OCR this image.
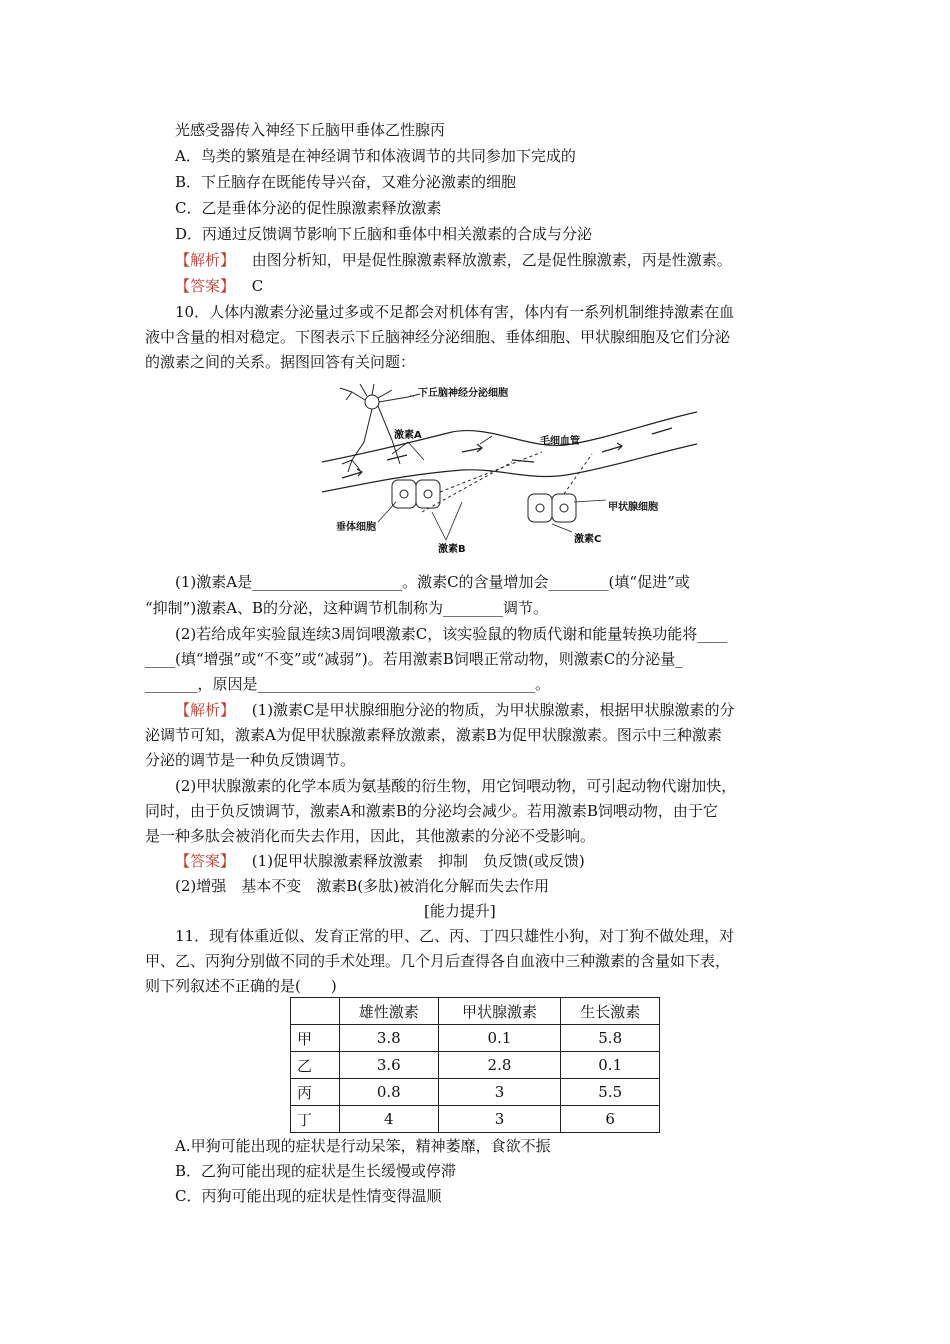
光感受器传入神经下丘脑甲垂体乙性腺丙
A．鸟类的繁殖是在神经调节和体液调节的共同参加下完成的
B．下丘脑存在既能传导兴奋，又难分泌激素的细胞
C．乙是垂体分泌的促性腺激素释放激素
D．丙通过反馈调节影响下丘脑和垂体中相关激素的合成与分泌
【解析】 由图分析知，甲是促性腺激素释放激素，乙是促性腺激素，丙是性激素。
【答案】 C
10．人体内激素分泌量过多或不足都会对机体有害，体内有一系列机制维持激素在血
液中含量的相对稳定。下图表示下丘脑神经分泌细胞、垂体细胞、甲状腺细胞及它们分泌
的激素之间的关系。据图回答有关问题：
下丘脑神经分泌细胞
激素A
毛细血管
甲状腺细胞
垂体细胞
激素B
激素C
(1)激素A是____________________。激素C的含量增加会________(填“促进”或
“抑制”)激素A、B的分泌，这种调节机制称为________调节。
(2)若给成年实验鼠连续3周饲喂激素C，该实验鼠的物质代谢和能量转换功能将____
____(填“增强”或“不变”或“减弱”)。若用激素B饲喂正常动物，则激素C的分泌量_
_______，原因是_____________________________________。
【解析】 (1)激素C是甲状腺细胞分泌的物质，为甲状腺激素，根据甲状腺激素的分
泌调节可知，激素A为促甲状腺激素释放激素，激素B为促甲状腺激素。图示中三种激素
分泌的调节是一种负反馈调节。
(2)甲状腺激素的化学本质为氨基酸的衍生物，用它饲喂动物，可引起动物代谢加快，
同时，由于负反馈调节，激素A和激素B的分泌均会减少。若用激素B饲喂动物，由于它
是一种多肽会被消化而失去作用，因此，其他激素的分泌不受影响。
【答案】 (1)促甲状腺激素释放激素　抑制　负反馈(或反馈)
(2)增强　基本不变　激素B(多肽)被消化分解而失去作用
[能力提升]
11．现有体重近似、发育正常的甲、乙、丙、丁四只雄性小狗，对丁狗不做处理，对
甲、乙、丙狗分别做不同的手术处理。几个月后查得各自血液中三种激素的含量如下表，
则下列叙述不正确的是(　　)
	雄性激素	甲状腺激素	生长激素
甲	3.8	0.1	5.8
乙	3.6	2.8	0.1
丙	0.8	3	5.5
丁	4	3	6
A.甲狗可能出现的症状是行动呆笨，精神萎靡，食欲不振
B．乙狗可能出现的症状是生长缓慢或停滞
C．丙狗可能出现的症状是性情变得温顺
